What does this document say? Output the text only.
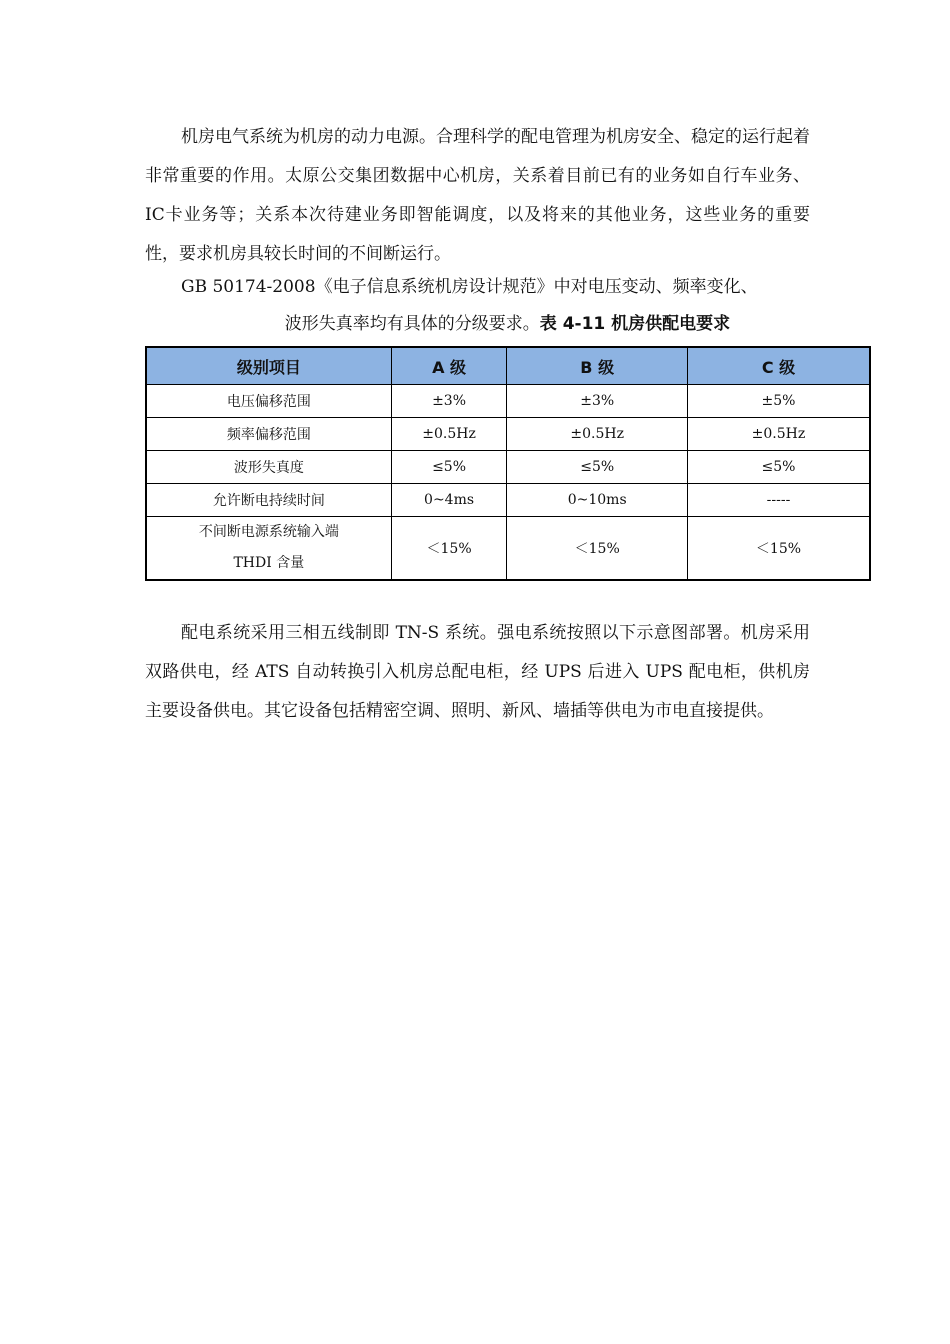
机房电气系统为机房的动力电源。合理科学的配电管理为机房安全、稳定的运行起着非常重要的作用。太原公交集团数据中心机房，关系着目前已有的业务如自行车业务、IC卡业务等；关系本次待建业务即智能调度，以及将来的其他业务，这些业务的重要性，要求机房具较长时间的不间断运行。

GB 50174-2008《电子信息系统机房设计规范》中对电压变动、频率变化、

波形失真率均有具体的分级要求。表 4-11 机房供配电要求
级别项目	A 级	B 级	C 级
电压偏移范围	±3%	±3%	±5%
频率偏移范围	±0.5Hz	±0.5Hz	±0.5Hz
波形失真度	≤5%	≤5%	≤5%
允许断电持续时间	0~4ms	0~10ms	-----

不间断电源系统输入端
THDI 含量	＜15%	＜15%	＜15%

配电系统采用三相五线制即 TN-S 系统。强电系统按照以下示意图部署。机房采用双路供电，经 ATS 自动转换引入机房总配电柜，经 UPS 后进入 UPS 配电柜，供机房主要设备供电。其它设备包括精密空调、照明、新风、墙插等供电为市电直接提供。
